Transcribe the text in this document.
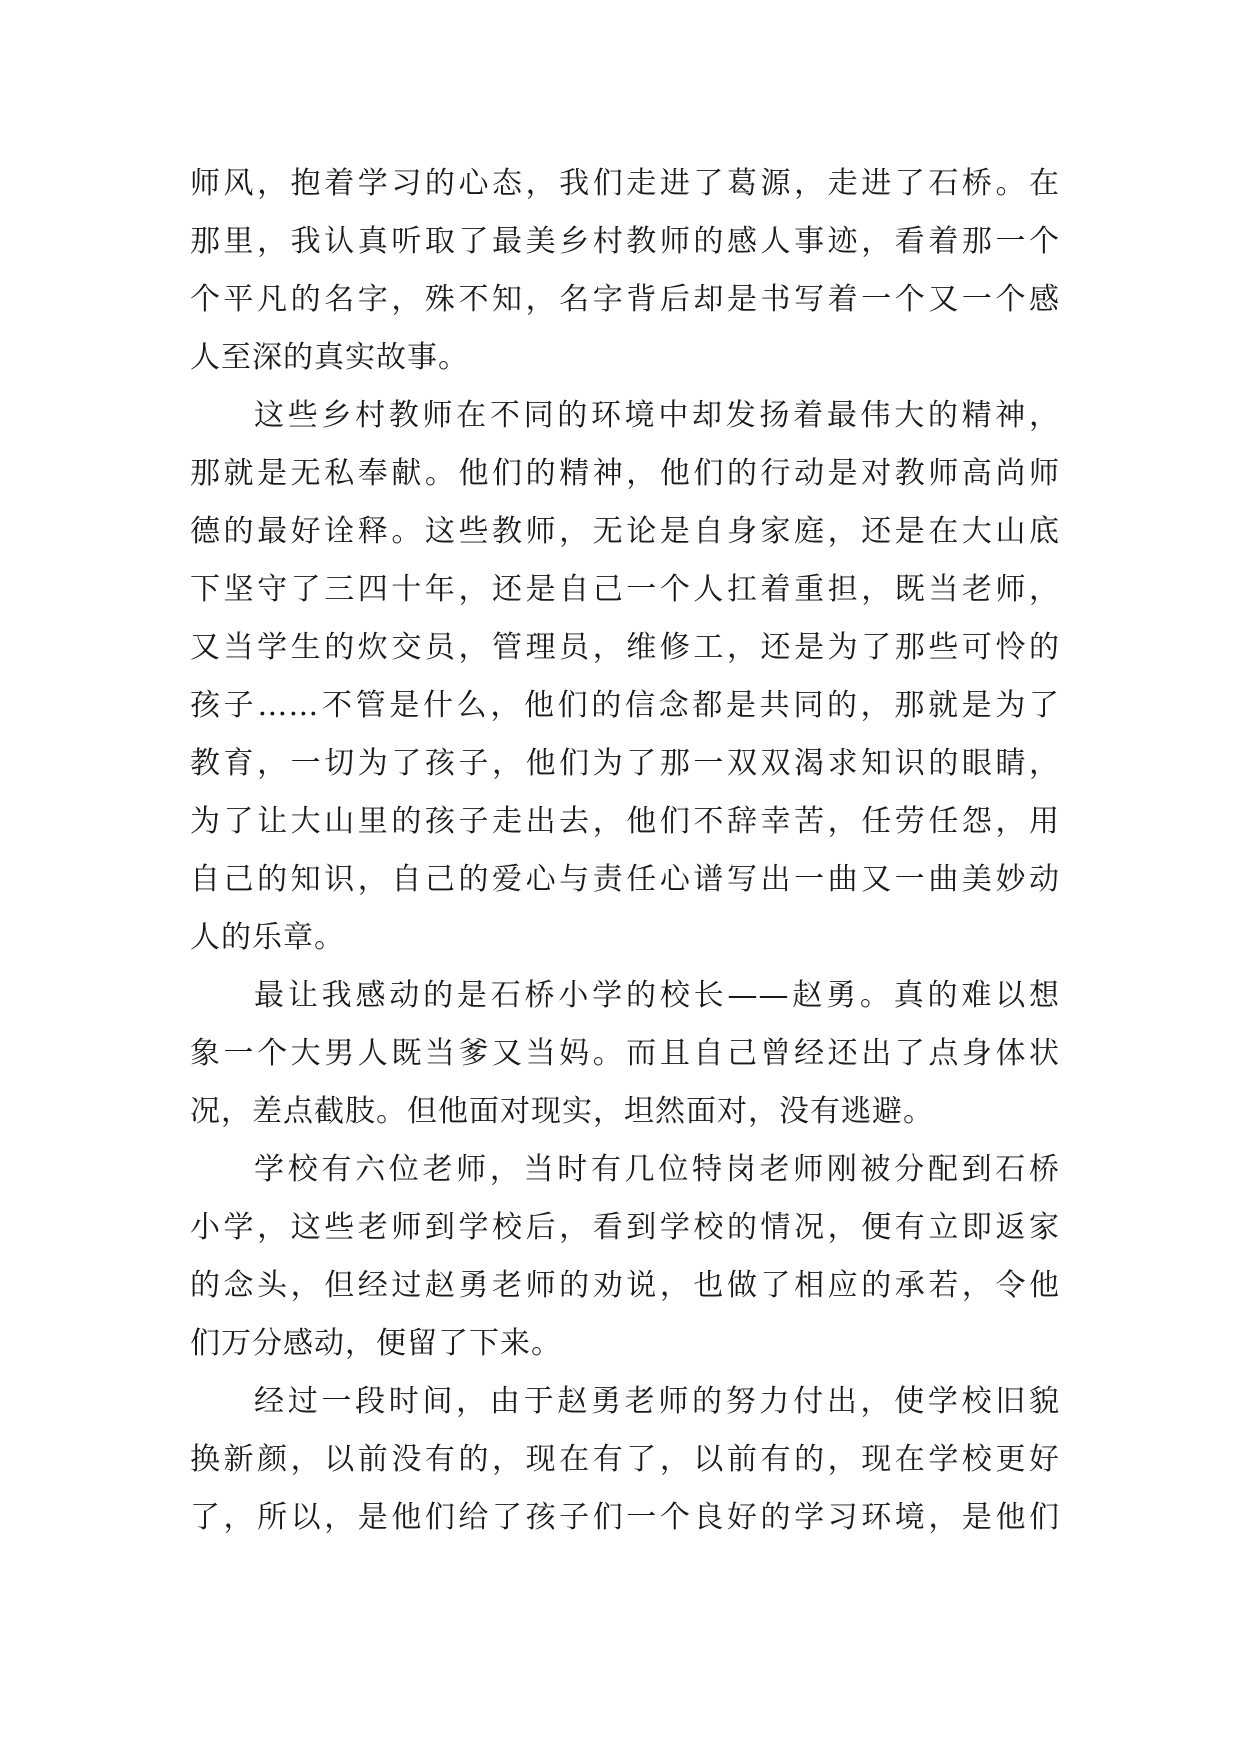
师风，抱着学习的心态，我们走进了葛源，走进了石桥。在
那里，我认真听取了最美乡村教师的感人事迹，看着那一个
个平凡的名字，殊不知，名字背后却是书写着一个又一个感
人至深的真实故事。
这些乡村教师在不同的环境中却发扬着最伟大的精神，
那就是无私奉献。他们的精神，他们的行动是对教师高尚师
德的最好诠释。这些教师，无论是自身家庭，还是在大山底
下坚守了三四十年，还是自己一个人扛着重担，既当老师，
又当学生的炊交员，管理员，维修工，还是为了那些可怜的
孩子……不管是什么，他们的信念都是共同的，那就是为了
教育，一切为了孩子，他们为了那一双双渴求知识的眼睛，
为了让大山里的孩子走出去，他们不辞幸苦，任劳任怨，用
自己的知识，自己的爱心与责任心谱写出一曲又一曲美妙动
人的乐章。
最让我感动的是石桥小学的校长——赵勇。真的难以想
象一个大男人既当爹又当妈。而且自己曾经还出了点身体状
况，差点截肢。但他面对现实，坦然面对，没有逃避。
学校有六位老师，当时有几位特岗老师刚被分配到石桥
小学，这些老师到学校后，看到学校的情况，便有立即返家
的念头，但经过赵勇老师的劝说，也做了相应的承若，令他
们万分感动，便留了下来。
经过一段时间，由于赵勇老师的努力付出，使学校旧貌
换新颜，以前没有的，现在有了，以前有的，现在学校更好
了，所以，是他们给了孩子们一个良好的学习环境，是他们
